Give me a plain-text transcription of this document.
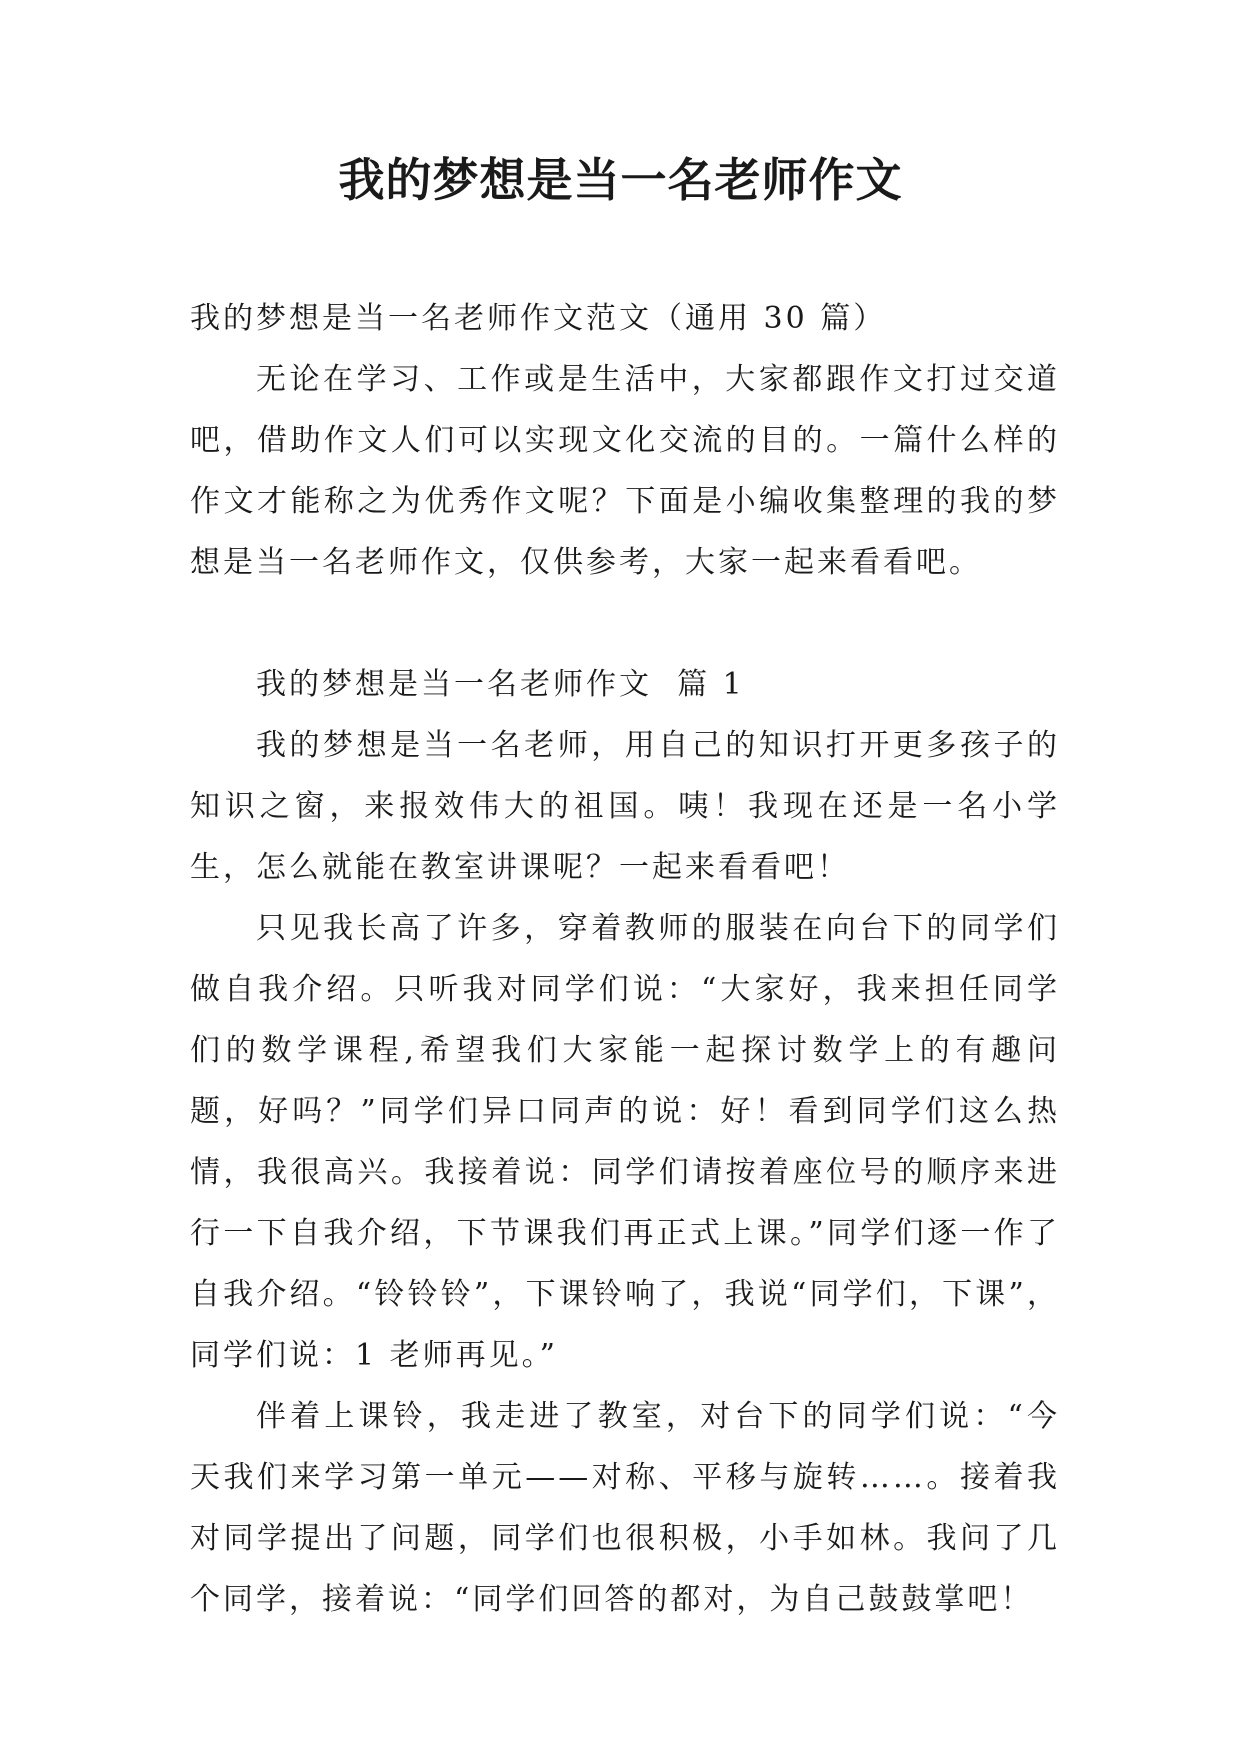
我的梦想是当一名老师作文

我的梦想是当一名老师作文范文（通用 30 篇）

无论在学习、工作或是生活中，大家都跟作文打过交道吧，借助作文人们可以实现文化交流的目的。一篇什么样的作文才能称之为优秀作文呢？下面是小编收集整理的我的梦想是当一名老师作文，仅供参考，大家一起来看看吧。

我的梦想是当一名老师作文  篇 1

我的梦想是当一名老师，用自己的知识打开更多孩子的知识之窗，来报效伟大的祖国。咦！我现在还是一名小学生，怎么就能在教室讲课呢？一起来看看吧！

只见我长高了许多，穿着教师的服装在向台下的同学们做自我介绍。只听我对同学们说：“大家好，我来担任同学们的数学课程,希望我们大家能一起探讨数学上的有趣问题，好吗？”同学们异口同声的说：好！看到同学们这么热情，我很高兴。我接着说：同学们请按着座位号的顺序来进行一下自我介绍，下节课我们再正式上课。”同学们逐一作了自我介绍。“铃铃铃”，下课铃响了，我说“同学们，下课”，同学们说：1 老师再见。”

伴着上课铃，我走进了教室，对台下的同学们说：“今天我们来学习第一单元——对称、平移与旋转……。接着我对同学提出了问题，同学们也很积极，小手如林。我问了几个同学，接着说：“同学们回答的都对，为自己鼓鼓掌吧！
